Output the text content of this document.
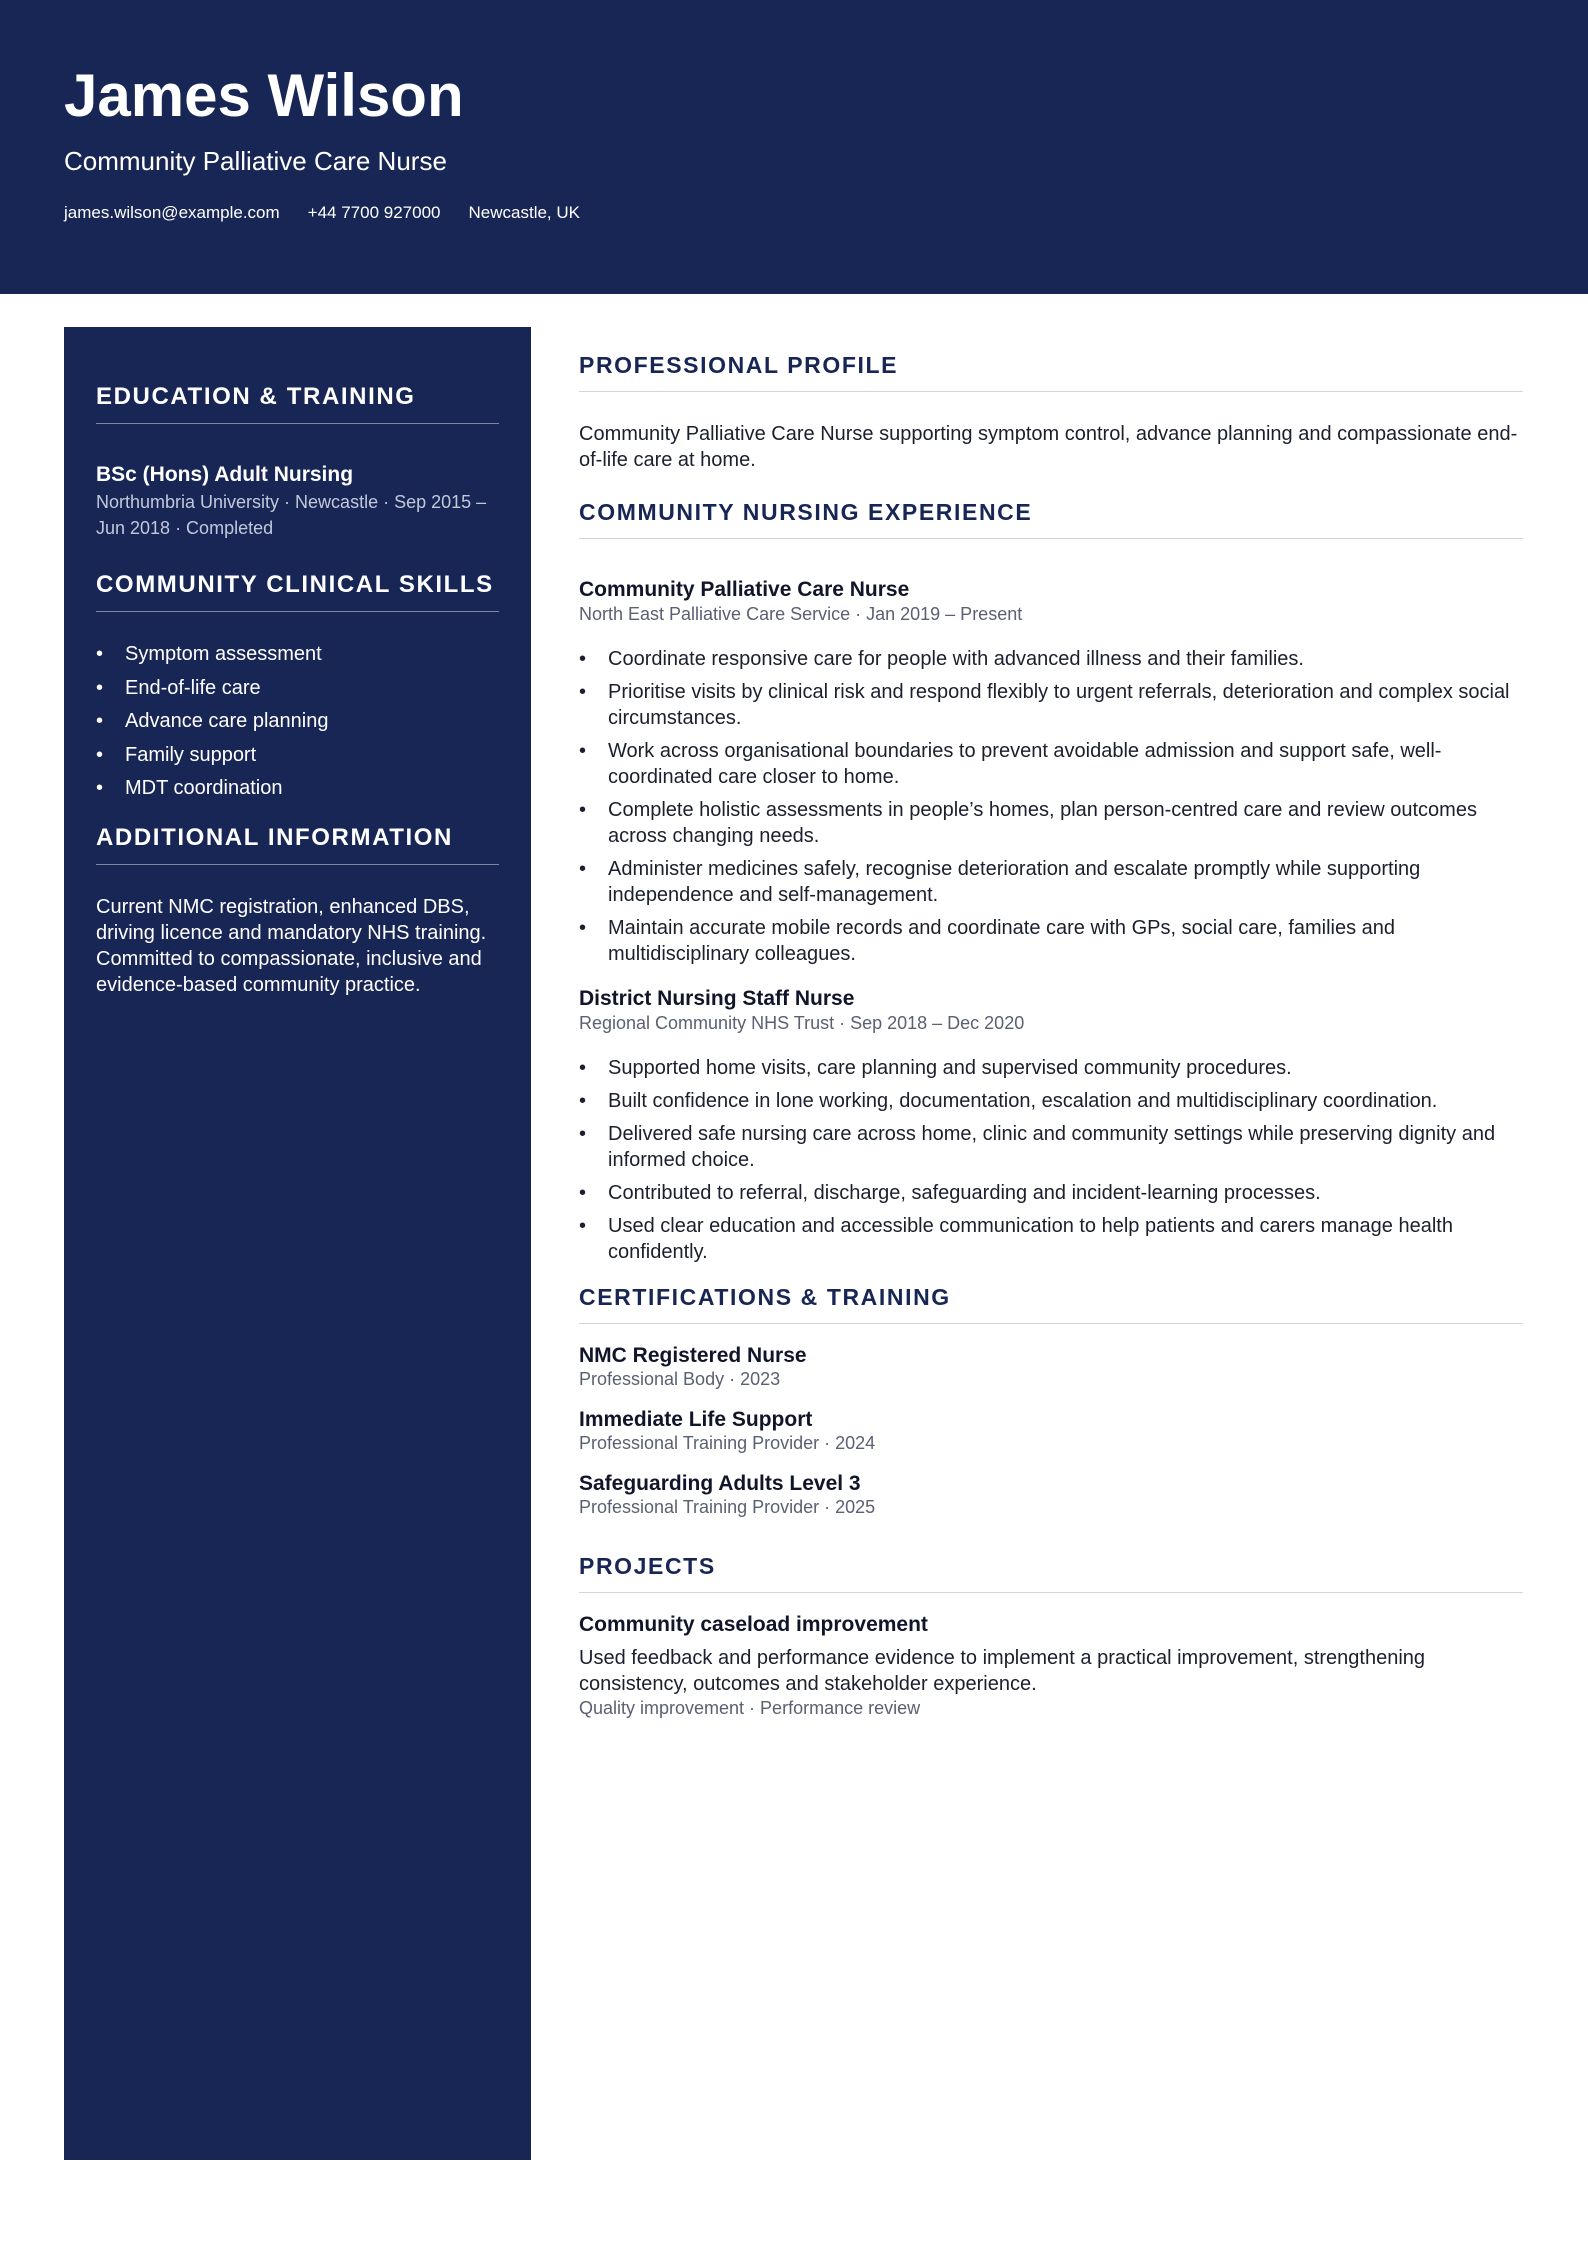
James Wilson
Community Palliative Care Nurse
james.wilson@example.com +44 7700 927000 Newcastle, UK
EDUCATION & TRAINING
BSc (Hons) Adult Nursing
Northumbria University · Newcastle · Sep 2015 – Jun 2018 · Completed
COMMUNITY CLINICAL SKILLS
• Symptom assessment
• End-of-life care
• Advance care planning
• Family support
• MDT coordination
ADDITIONAL INFORMATION
Current NMC registration, enhanced DBS, driving licence and mandatory NHS training. Committed to compassionate, inclusive and evidence-based community practice.
PROFESSIONAL PROFILE
Community Palliative Care Nurse supporting symptom control, advance planning and compassionate end-of-life care at home.
COMMUNITY NURSING EXPERIENCE
Community Palliative Care Nurse
North East Palliative Care Service · Jan 2019 – Present
• Coordinate responsive care for people with advanced illness and their families.
• Prioritise visits by clinical risk and respond flexibly to urgent referrals, deterioration and complex social circumstances.
• Work across organisational boundaries to prevent avoidable admission and support safe, well-coordinated care closer to home.
• Complete holistic assessments in people’s homes, plan person-centred care and review outcomes across changing needs.
• Administer medicines safely, recognise deterioration and escalate promptly while supporting independence and self-management.
• Maintain accurate mobile records and coordinate care with GPs, social care, families and multidisciplinary colleagues.
District Nursing Staff Nurse
Regional Community NHS Trust · Sep 2018 – Dec 2020
• Supported home visits, care planning and supervised community procedures.
• Built confidence in lone working, documentation, escalation and multidisciplinary coordination.
• Delivered safe nursing care across home, clinic and community settings while preserving dignity and informed choice.
• Contributed to referral, discharge, safeguarding and incident-learning processes.
• Used clear education and accessible communication to help patients and carers manage health confidently.
CERTIFICATIONS & TRAINING
NMC Registered Nurse
Professional Body · 2023
Immediate Life Support
Professional Training Provider · 2024
Safeguarding Adults Level 3
Professional Training Provider · 2025
PROJECTS
Community caseload improvement
Used feedback and performance evidence to implement a practical improvement, strengthening consistency, outcomes and stakeholder experience.
Quality improvement · Performance review
